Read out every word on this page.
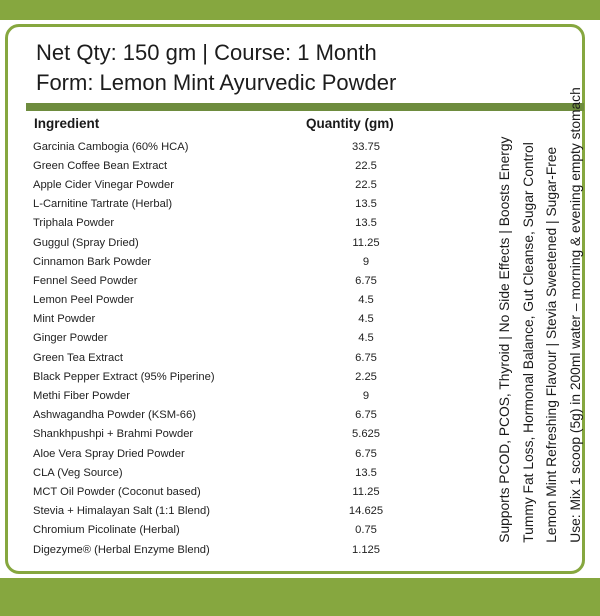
Net Qty: 150 gm | Course: 1 Month
Form: Lemon Mint Ayurvedic Powder
Ingredient	Quantity (gm)
Garcinia Cambogia (60% HCA)	33.75
Green Coffee Bean Extract	22.5
Apple Cider Vinegar Powder	22.5
L-Carnitine Tartrate (Herbal)	13.5
Triphala Powder	13.5
Guggul (Spray Dried)	11.25
Cinnamon Bark Powder	9
Fennel Seed Powder	6.75
Lemon Peel Powder	4.5
Mint Powder	4.5
Ginger Powder	4.5
Green Tea Extract	6.75
Black Pepper Extract (95% Piperine)	2.25
Methi Fiber Powder	9
Ashwagandha Powder (KSM-66)	6.75
Shankhpushpi + Brahmi Powder	5.625
Aloe Vera Spray Dried Powder	6.75
CLA (Veg Source)	13.5
MCT Oil Powder (Coconut based)	11.25
Stevia + Himalayan Salt (1:1 Blend)	14.625
Chromium Picolinate (Herbal)	0.75
Digezyme® (Herbal Enzyme Blend)	1.125
Supports PCOD, PCOS, Thyroid | No Side Effects | Boosts Energy Tummy Fat Loss, Hormonal Balance, Gut Cleanse, Sugar Control Lemon Mint Refreshing Flavour | Stevia Sweetened | Sugar-Free Use: Mix 1 scoop (5g) in 200ml water – morning & evening empty stomach
